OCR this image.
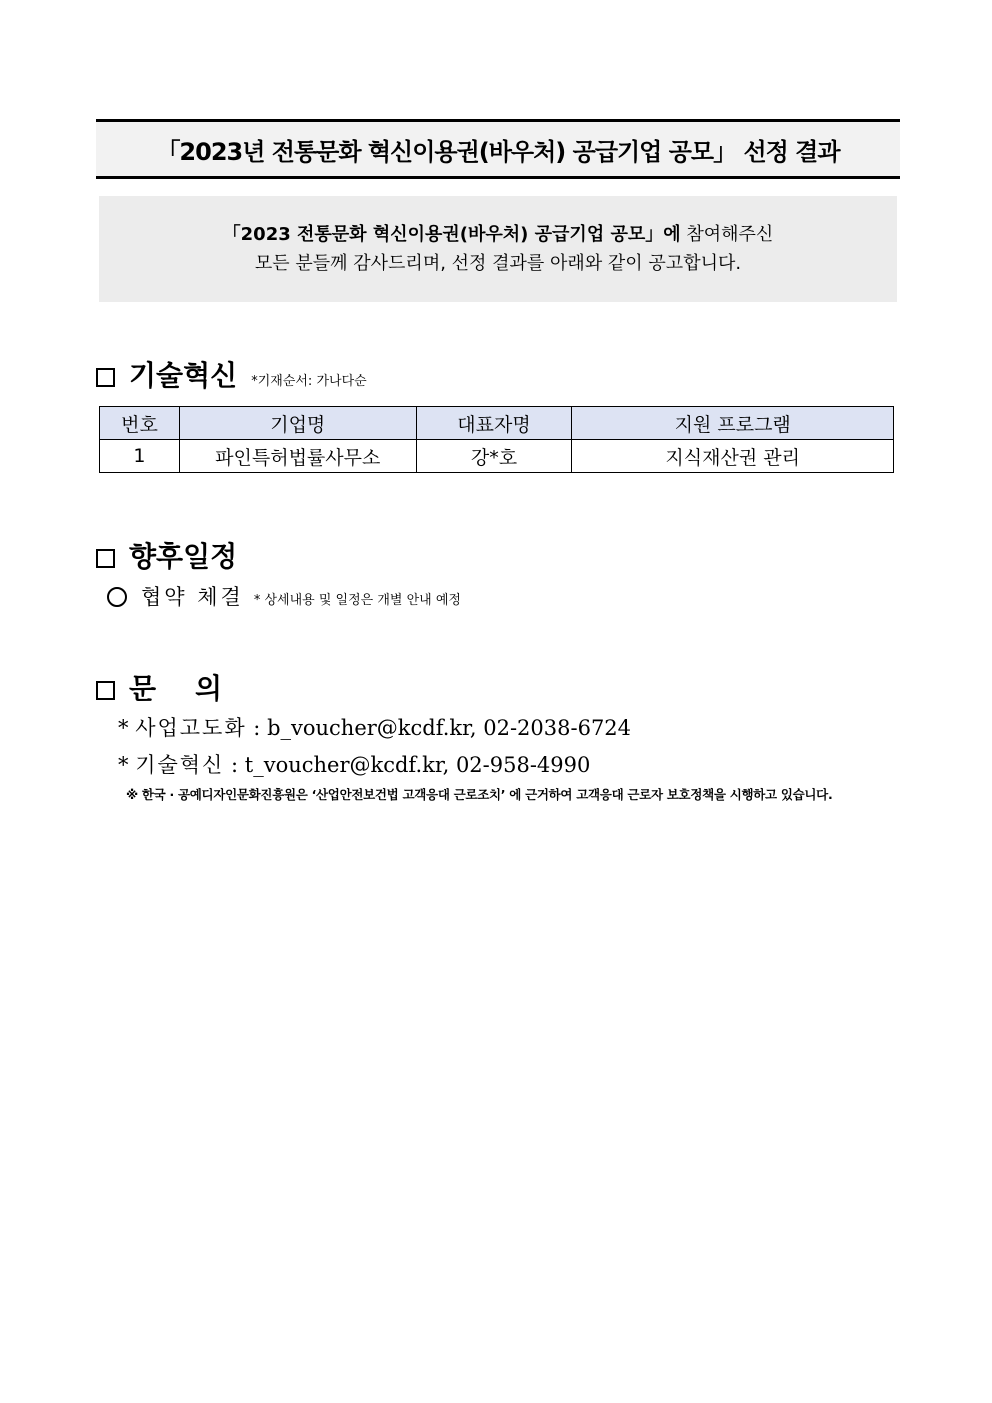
「2023년 전통문화 혁신이용권(바우처) 공급기업 공모」 선정 결과
「2023 전통문화 혁신이용권(바우처) 공급기업 공모」에 참여해주신
모든 분들께 감사드리며, 선정 결과를 아래와 같이 공고합니다.
기술혁신 *기재순서: 가나다순
번호	기업명	대표자명	지원 프로그램
1	파인특허법률사무소	강*호	지식재산권 관리
향후일정
협약 체결 * 상세내용 및 일정은 개별 안내 예정
문    의
* 사업고도화 : b_voucher@kcdf.kr, 02-2038-6724
* 기술혁신 : t_voucher@kcdf.kr, 02-958-4990
※ 한국 · 공예디자인문화진흥원은 ‘산업안전보건법 고객응대 근로조치’ 에 근거하여 고객응대 근로자 보호정책을 시행하고 있습니다.
